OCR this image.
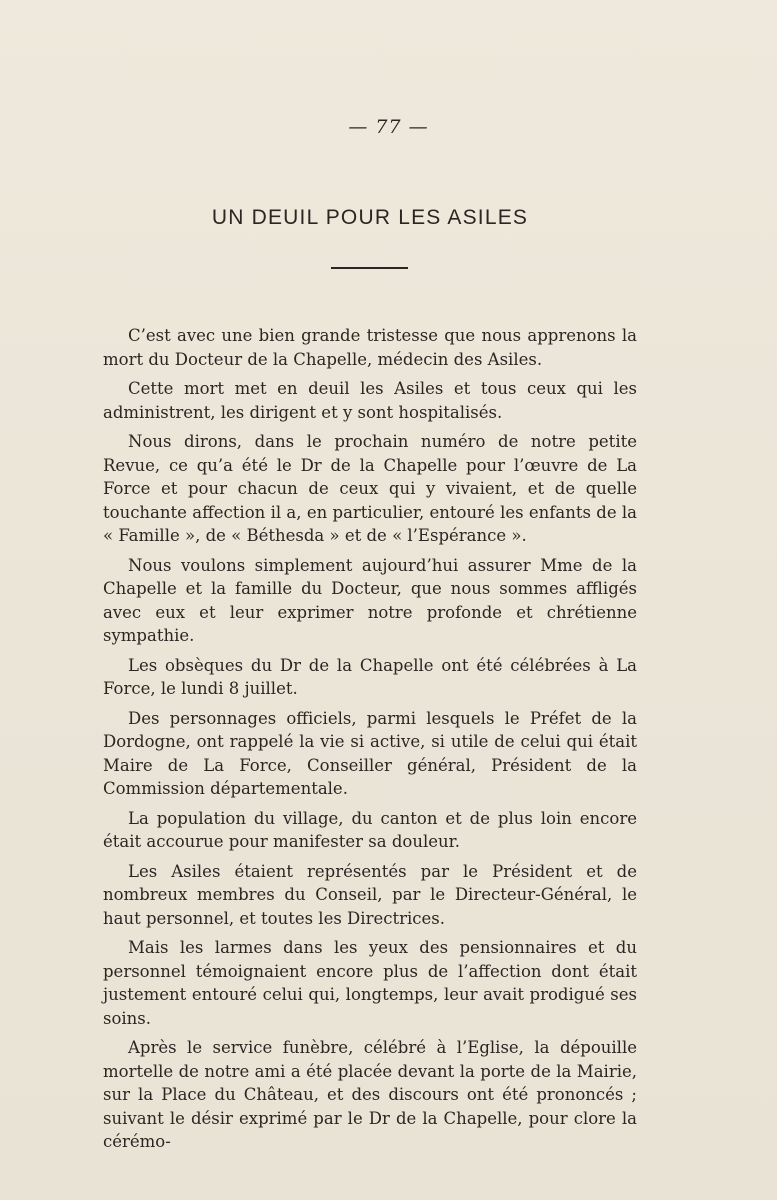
— 77 —
UN DEUIL POUR LES ASILES

C’est avec une bien grande tristesse que nous apprenons la mort du Docteur de la Chapelle, médecin des Asiles.

Cette mort met en deuil les Asiles et tous ceux qui les administrent, les dirigent et y sont hospitalisés.

Nous dirons, dans le prochain numéro de notre petite Revue, ce qu’a été le Dr de la Chapelle pour l’œuvre de La Force et pour chacun de ceux qui y vivaient, et de quelle touchante affection il a, en particulier, entouré les enfants de la « Famille », de « Béthesda » et de « l’Espérance ».

Nous voulons simplement aujourd’hui assurer Mme de la Chapelle et la famille du Docteur, que nous sommes affligés avec eux et leur exprimer notre profonde et chrétienne sympathie.

Les obsèques du Dr de la Chapelle ont été célébrées à La Force, le lundi 8 juillet.

Des personnages officiels, parmi lesquels le Préfet de la Dordogne, ont rappelé la vie si active, si utile de celui qui était Maire de La Force, Conseiller général, Président de la Commission départementale.

La population du village, du canton et de plus loin encore était accourue pour manifester sa douleur.

Les Asiles étaient représentés par le Président et de nombreux membres du Conseil, par le Directeur-Général, le haut personnel, et toutes les Directrices.

Mais les larmes dans les yeux des pensionnaires et du personnel témoignaient encore plus de l’affection dont était justement entouré celui qui, longtemps, leur avait prodigué ses soins.

Après le service funèbre, célébré à l’Eglise, la dépouille mortelle de notre ami a été placée devant la porte de la Mairie, sur la Place du Château, et des discours ont été prononcés ; suivant le désir exprimé par le Dr de la Chapelle, pour clore la cérémo-
